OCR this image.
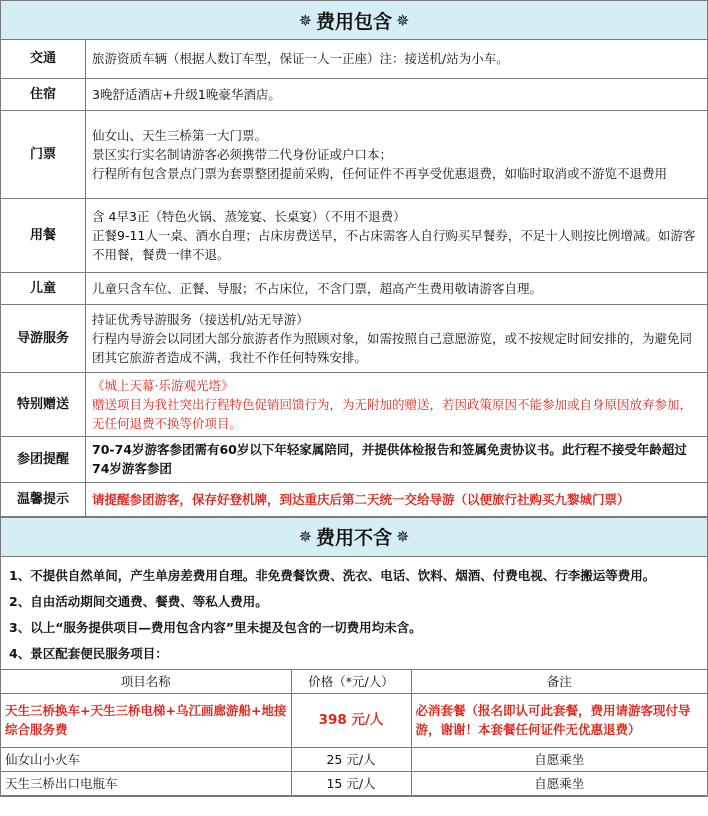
✵ 费用包含 ✵
交通	旅游资质车辆（根据人数订车型，保证一人一正座）注：接送机/站为小车。

住宿	3晚舒适酒店+升级1晚豪华酒店。

门票	仙女山、天生三桥第一大门票。
景区实行实名制请游客必须携带二代身份证或户口本；
行程所有包含景点门票为套票整团提前采购，任何证件不再享受优惠退费，如临时取消或不游览不退费用

用餐	含 4早3正（特色火锅、蒸笼宴、长桌宴）（不用不退费）
正餐9-11人一桌、酒水自理；占床房费送早，不占床需客人自行购买早餐券，不足十人则按比例增减。如游客不用餐，餐费一律不退。

儿童	儿童只含车位、正餐、导服；不占床位，不含门票，超高产生费用敬请游客自理。

导游服务	持证优秀导游服务（接送机/站无导游）
行程内导游会以同团大部分旅游者作为照顾对象，如需按照自己意愿游览，或不按规定时间安排的，为避免同团其它旅游者造成不满，我社不作任何特殊安排。

特别赠送	《城上天幕·乐游观光塔》
赠送项目为我社突出行程特色促销回馈行为，为无附加的赠送，若因政策原因不能参加或自身原因放弃参加，无任何退费不换等价项目。

参团提醒	70-74岁游客参团需有60岁以下年轻家属陪同，并提供体检报告和签属免责协议书。此行程不接受年龄超过74岁游客参团

温馨提示	请提醒参团游客，保存好登机牌，到达重庆后第二天统一交给导游（以便旅行社购买九黎城门票）
✵ 费用不含 ✵
1、不提供自然单间，产生单房差费用自理。非免费餐饮费、洗衣、电话、饮料、烟酒、付费电视、行李搬运等费用。
2、自由活动期间交通费、餐费、等私人费用。
3、以上“服务提供项目—费用包含内容”里未提及包含的一切费用均未含。
4、景区配套便民服务项目：
项目名称	价格（*元/人）	备注
天生三桥换车+天生三桥电梯+乌江画廊游船+地接综合服务费	398 元/人	必消套餐（报名即认可此套餐，费用请游客现付导游，谢谢！本套餐任何证件无优惠退费）
仙女山小火车	25 元/人	自愿乘坐
天生三桥出口电瓶车	15 元/人	自愿乘坐
